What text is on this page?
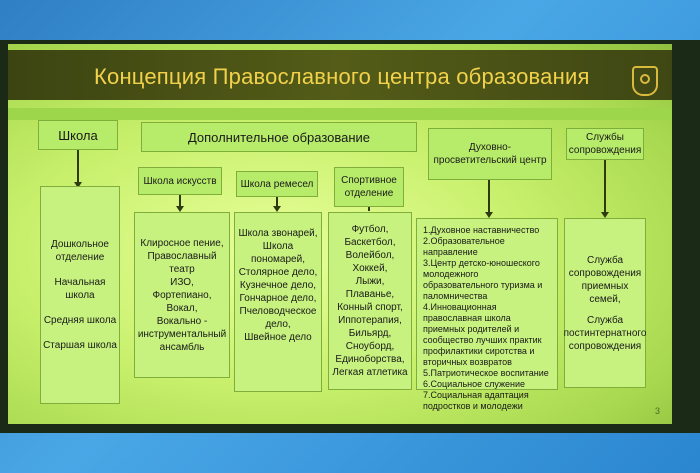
Концепция Православного центра образования
Школа	Дополнительное образование
Духовно-просветительский центр
Службы сопровождения
Школа искусств	Школа ремесел	Спортивное отделение
Дошкольное отделение
Начальная школа
Средняя школа
Старшая школа
Клиросное пение,
Православный театр
ИЗО,
Фортепиано,
Вокал,
Вокально - инструментальный ансамбль
Школа звонарей,
Школа пономарей,
Столярное дело,
Кузнечное дело,
Гончарное дело,
Пчеловодческое дело,
Швейное дело
Футбол,
Баскетбол,
Волейбол,
Хоккей,
Лыжи,
Плаванье,
Конный спорт,
Иппотерапия,
Бильярд,
Сноуборд,
Единоборства,
Легкая атлетика
1.Духовное наставничество
2.Образовательное направление
3.Центр детско-юношеского молодежного образовательного туризма и паломничества
4.Инновационная православная школа приемных родителей и сообщество лучших практик профилактики сиротства и вторичных возвратов
5.Патриотическое воспитание
6.Социальное служение
7.Социальная адаптация подростков и молодежи
Служба сопровождения приемных семей,
Служба постинтернатного сопровождения
3
